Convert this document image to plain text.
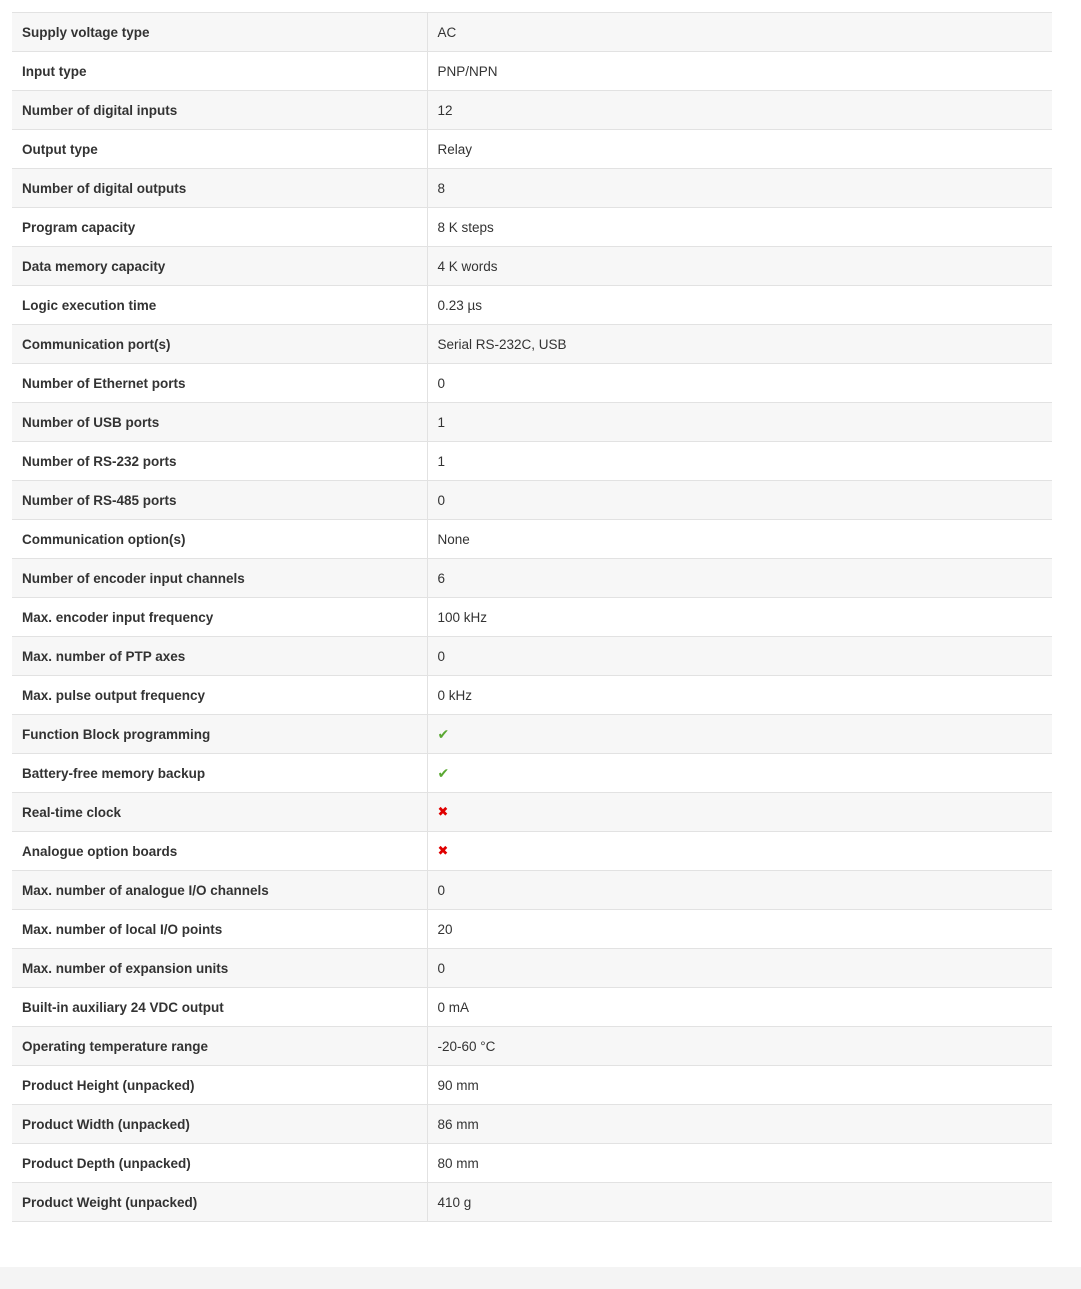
Supply voltage type	AC
Input type	PNP/NPN
Number of digital inputs	12
Output type	Relay
Number of digital outputs	8
Program capacity	8 K steps
Data memory capacity	4 K words
Logic execution time	0.23 µs
Communication port(s)	Serial RS-232C, USB
Number of Ethernet ports	0
Number of USB ports	1
Number of RS-232 ports	1
Number of RS-485 ports	0
Communication option(s)	None
Number of encoder input channels	6
Max. encoder input frequency	100 kHz
Max. number of PTP axes	0
Max. pulse output frequency	0 kHz
Function Block programming	✔
Battery-free memory backup	✔
Real-time clock	✖
Analogue option boards	✖
Max. number of analogue I/O channels	0
Max. number of local I/O points	20
Max. number of expansion units	0
Built-in auxiliary 24 VDC output	0 mA
Operating temperature range	-20-60 °C
Product Height (unpacked)	90 mm
Product Width (unpacked)	86 mm
Product Depth (unpacked)	80 mm
Product Weight (unpacked)	410 g
